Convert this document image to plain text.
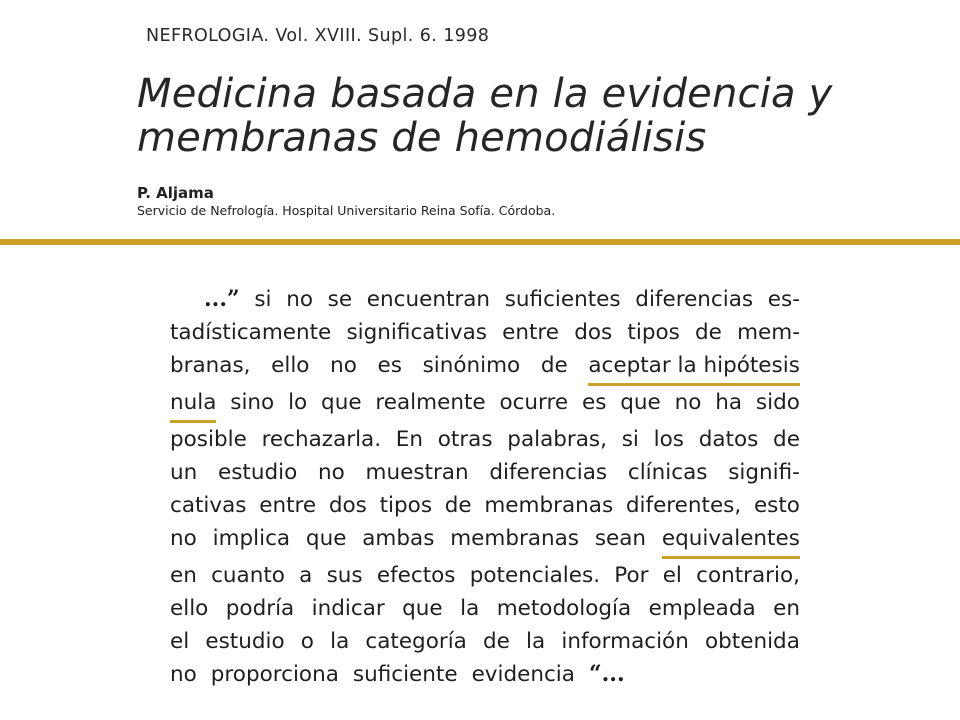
NEFROLOGIA. Vol. XVIII. Supl. 6. 1998
Medicina basada en la evidencia y
membranas de hemodiálisis
P. Aljama
Servicio de Nefrología. Hospital Universitario Reina Sofía. Córdoba.
...” si no se encuentran suficientes diferencias es-
tadísticamente significativas entre dos tipos de mem-
branas, ello no es sinónimo de aceptar la hipótesis
nula sino lo que realmente ocurre es que no ha sido
posible rechazarla. En otras palabras, si los datos de
un estudio no muestran diferencias clínicas signifi-
cativas entre dos tipos de membranas diferentes, esto
no implica que ambas membranas sean equivalentes
en cuanto a sus efectos potenciales. Por el contrario,
ello podría indicar que la metodología empleada en
el estudio o la categoría de la información obtenida
no proporciona suficiente evidencia “...
